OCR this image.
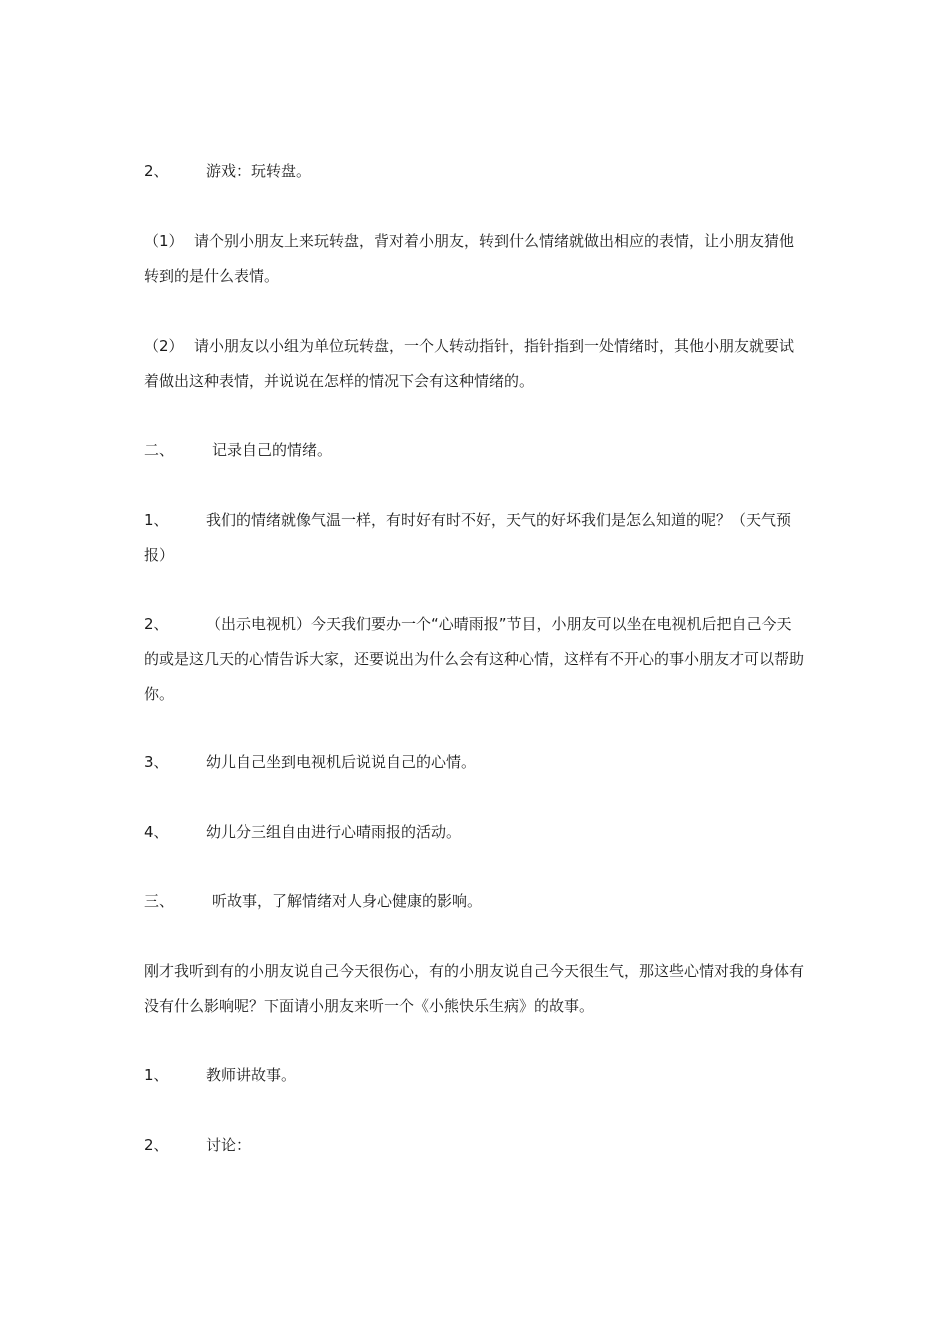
2、 游戏：玩转盘。

（1） 请个别小朋友上来玩转盘，背对着小朋友，转到什么情绪就做出相应的表情，让小朋友猜他转到的是什么表情。

（2） 请小朋友以小组为单位玩转盘，一个人转动指针，指针指到一处情绪时，其他小朋友就要试着做出这种表情，并说说在怎样的情况下会有这种情绪的。

二、	记录自己的情绪。

1、 我们的情绪就像气温一样，有时好有时不好，天气的好坏我们是怎么知道的呢？（天气预报）

2、 （出示电视机）今天我们要办一个“心晴雨报”节目，小朋友可以坐在电视机后把自己今天的或是这几天的心情告诉大家，还要说出为什么会有这种心情，这样有不开心的事小朋友才可以帮助你。

3、 幼儿自己坐到电视机后说说自己的心情。

4、 幼儿分三组自由进行心晴雨报的活动。

三、	听故事，了解情绪对人身心健康的影响。

刚才我听到有的小朋友说自己今天很伤心，有的小朋友说自己今天很生气，那这些心情对我的身体有没有什么影响呢？下面请小朋友来听一个《小熊快乐生病》的故事。

1、 教师讲故事。

2、 讨论：
